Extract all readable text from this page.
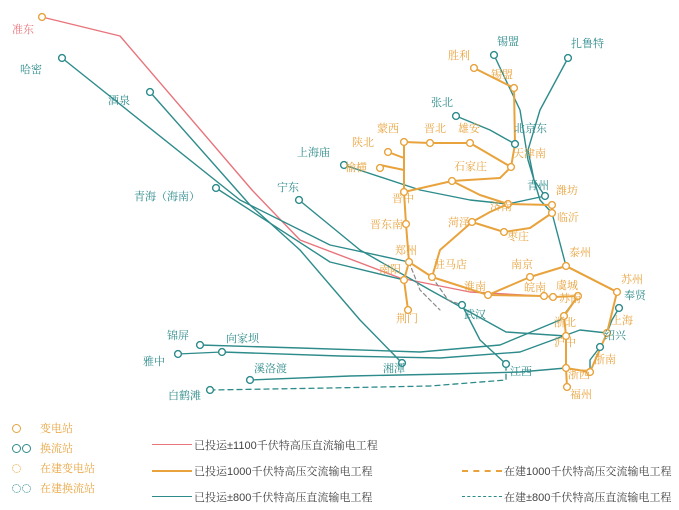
准东
哈密
酒泉
青海（海南）
宁东
上海庙
榆横
陕北
蒙西 晋北 雄安	北京东
天津南
张北
胜利
锡盟
锡盟
扎鲁特
石家庄
青州 潍坊
临沂
济南
晋中
晋东南	菏泽
枣庄
郑州
驻马店	南京
泰州
苏州
奉贤
上海
绍兴
浙南
浙西
福州
浙北
沪中
苏南
皖南 虞城
淮南
南阳
荆门	武汉
湘潭	江西
锦屏
雅中
向家坝
溪洛渡
白鹤滩
变电站
换流站
在建变电站
在建换流站
已投运±1100千伏特高压直流输电工程
已投运1000千伏特高压交流输电工程
已投运±800千伏特高压直流输电工程
在建1000千伏特高压交流输电工程
在建±800千伏特高压直流输电工程
